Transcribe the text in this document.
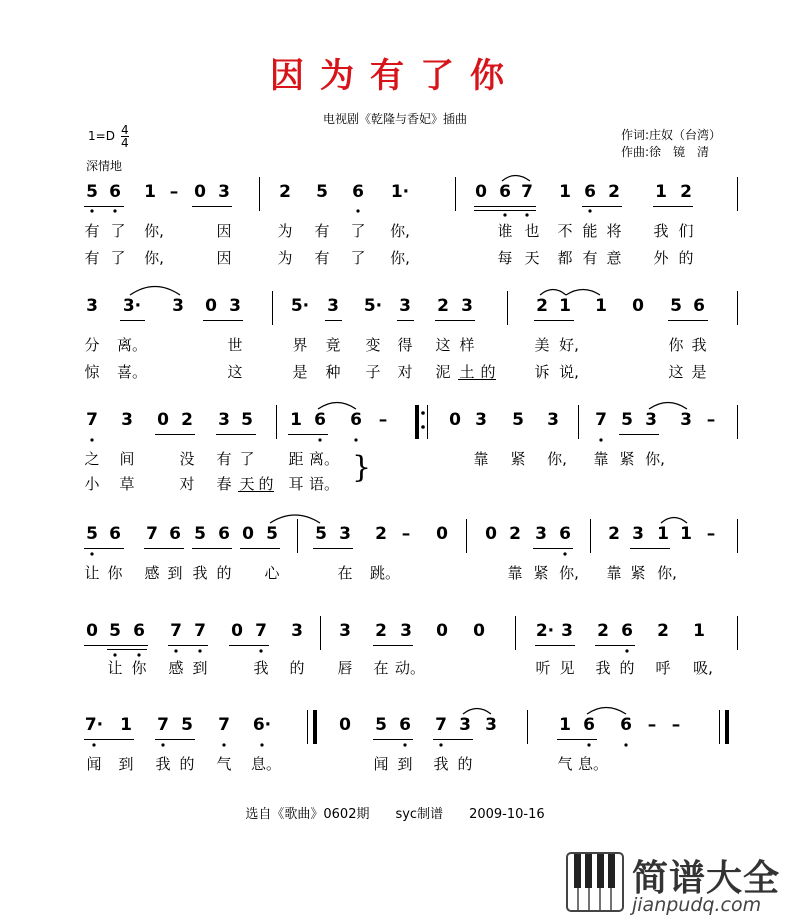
因为有了你
电视剧《乾隆与香妃》插曲
$1=D \frac{4}{4}$
深情地
作词:庄奴（台湾）
作曲:徐　镜　清
5 6 1 – 0 3	2 5 6 1·	0 6 7 1 6 2 1 2
有 了 你,	因	为 有 了 你,	谁 也 不 能 将 我 们
有 了 你,	因	为 有 了 你,	每 天 都 有 意 外 的
3 3· 3 0 3	5· 3 5· 3 2 3	2 1 1 0 5 6
分 离。	世	界 竟 变 得 这 样	美 好,	你 我
惊 喜。	这	是 种 子 对 泥 土 的	诉 说,	这 是
7 3 0 2 3 5 1 6 6 –	0 3 5 3 7 5 3 3 –
之 间	没 有 了 距 离。	靠 紧 你, 靠 紧 你,
小 草	对 春 天 的 耳 语。 }
5 6 7 6 5 6 0 5 5 3 2 – 0 0 2 3 6 2 3 1 1 –
让 你 感 到 我 的 心	在 跳。	靠 紧 你, 靠 紧 你,
0 5 6 7 7 0 7 3 3 2 3 0 0	2· 3 2 6 2 1
让 你 感 到	我 的 唇 在 动。	听 见 我 的 呼 吸,
7· 1 7 5 7 6·	0 5 6 7 3 3	1 6 6 – –
闻 到 我 的 气 息。	闻 到 我 的	气 息。
选自《歌曲》0602期　　syc制谱　　2009-10-16
简谱大全
jianpudq.com
